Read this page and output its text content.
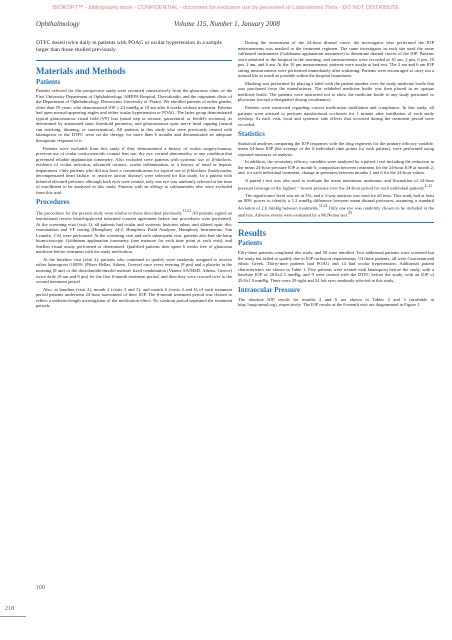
BIOKOPT™ - bibliography book - CONFIDENTIAL - document for exclusive use by personnel of Laboratoires Théa - DO NOT DISTRIBUTE
Ophthalmology	Volume 115, Number 1, January 2008

DTFC dosed twice daily in patients with POAG or ocular hypertension in a sample larger than those studied previously.

Materials and Methods
Patients

Patients selected for this prospective study were recruited consecutively from the glaucoma clinic of the First University Department of Ophthalmology, AHEPA Hospital, Thessaloniki, and the outpatient clinic of the Department of Ophthalmology, Democritus University of Thrace. We enrolled patients of either gender, older than 59 years, who demonstrated IOP ≥ 24 mmHg at 10 am after 6 weeks without treatment. Patients had open normal-appearing angles and either ocular hypertension or POAG. The latter group demonstrated typical glaucomatous visual field (VF) loss (nasal step or arcuate, paracentral, or Seidel's scotoma), as determined by automated static threshold perimetry, and glaucomatous optic nerve head cupping (neural rim notching, thinning, or saucerization). All patients in this study who were previously treated with latanoprost or the DTFC were on the therapy for more than 6 months and demonstrated an adequate therapeutic response to it.

Patients were excluded from this study if they demonstrated a history of ocular surgery/trauma, previous use of ocular corticosteroids, contact lens use, dry eye, corneal abnormality, or any condition that prevented reliable applanation tonometry. Also excluded were patients with systemic use of β-blockers, evidence of ocular infection, advanced cataract, ocular inflammation, or a history of renal or hepatic impairment. Only patients who did not have a contraindication for topical use of β-blockers (bradycardia, decompensated heart failure, or reactive airway disease) were selected for this study. In a patient with bilateral elevated pressure, although both eyes were treated, only one eye was randomly selected at the time of enrollment to be analyzed in this study. Patients with an allergy to sulfonamides also were excluded from this trial.

Procedures

The procedures for the present study were similar to those described previously.$^{11,21}$ All patients signed an institutional review board-approved informed consent agreement before any procedures were performed. At the screening visit (visit 1), all patients had ocular and systemic histories taken, and dilated optic disc examination and VF testing (Humphrey 24-2, Humphrey Field Analyzer, Humphrey Instruments, San Leandro, CA) were performed. At the screening visit and each subsequent visit, patients also had slit-lamp biomicroscopy. Goldmann applanation tonometry (one measure for each time point at each visit), and Snellen visual acuity performed or determined. Qualified patients then spent 6 weeks free of glaucoma medicine before treatment with the study medication.

At the baseline visit (visit 2), patients who continued to qualify were randomly assigned to receive either latanoprost 0.005% (Pfizer Hellas, Athens, Greece) once every evening (8 pm) and a placebo in the morning (8 am) or the dorzolamide/timolol maleate fixed combination (Vianex SA/MSD, Athens, Greece) twice daily (8 am and 8 pm) for the first 6-month treatment period, and then they were crossed over to the second treatment period.

Also, at baseline (visit 2), month 2 (visits 3 and 5), and month 6 (visits 4 and 6) of each treatment period patients underwent 24-hour assessment of their IOP. The 6-month treatment period was chosen to reflect a midterm-length investigation of the medication effect. No washout period separated the treatment periods.

During the assessment of the 24-hour diurnal curve, the investigator who performed the IOP measurements was masked to the treatment regimen. The same investigator in each site used the same calibrated instruments (Goldmann applanation tonometer) to determine diurnal curves of the IOP. Patients were admitted to the hospital in the morning, and measurements were recorded at 10 am, 2 pm, 6 pm, 10 pm, 2 am, and 6 am. At the 10 pm measurement, patients were awake at bed rest. The 2 am and 6 am IOP sitting measurements were performed immediately after wakening. Patients were encouraged to carry out a normal life as much as possible within the hospital boundaries.

Masking was performed by placing a label with the patient number over the study medicine bottle that was purchased from the manufacturer. The relabeled medicine bottle was then placed in an opaque medicine bottle. The patients were instructed not to show the medicine bottle to any study personnel or physician (except a designated dosing coordinator).

Patients were instructed regarding correct medication instillation and compliance. In this study, all patients were advised to perform nasolacrimal occlusion for 1 minute after instillation of each study eyedrop. At each visit, local and systemic side effects that occurred during the treatment period were recorded.

Statistics

Statistical analyses comparing the IOP responses with the drug regimens for the primary efficacy variable, mean 24-hour IOP (the average of the 6 individual time points for each patient), were performed using repeated measures of analysis.

In addition, the secondary efficacy variables were analyzed by a paired t test including the reduction in the mean 24-hour pressure IOP at month 6; comparison between treatment for the 24-hour IOP at month 2; and, for each individual treatment, change in pressures between months 2 and 6 for the 24-hour values.

A paired t test was also used to evaluate the mean maximum, minimum, and fluctuation of 24-hour pressure (average of the highest − lowest pressure over the 24-hour period for each individual patient).$^{4-11}$

The significance level was set at 5%, and a 2-way analysis was used for all tests. This study had at least an 80% power to identify a 1.2 mmHg difference between mean diurnal pressures, assuming a standard deviation of 2.6 mmHg between treatments.$^{11,22}$ Only one eye was randomly chosen to be included in the analysis. Adverse events were evaluated by a McNemar test.$^{23}$

Results
Patients

Fifty-three patients completed this study, and 58 were enrolled. Two additional patients were screened but the study but failed to qualify due to IOP inclusion requirements. Of those patients, all were Caucasian and ethnic Greek. Thirty-nine patients had POAG and 14 had ocular hypertension. Additional patient characteristics are shown in Table 1. Five patients were treated with latanoprost before the study, with a baseline IOP of 28.8±2.5 mmHg, and 9 were treated with the DTFC before the study, with an IOP of 29.0±1.9 mmHg. There were 29 right and 24 left eyes randomly selected in this study.

Intraocular Pressure

The absolute IOP results for months 2 and 6 are shown in Tables 2 and 3 (available at http://aaojournal.org), respectively. The IOP results at the 6-month visit are diagrammed in Figure 1.

100
218
